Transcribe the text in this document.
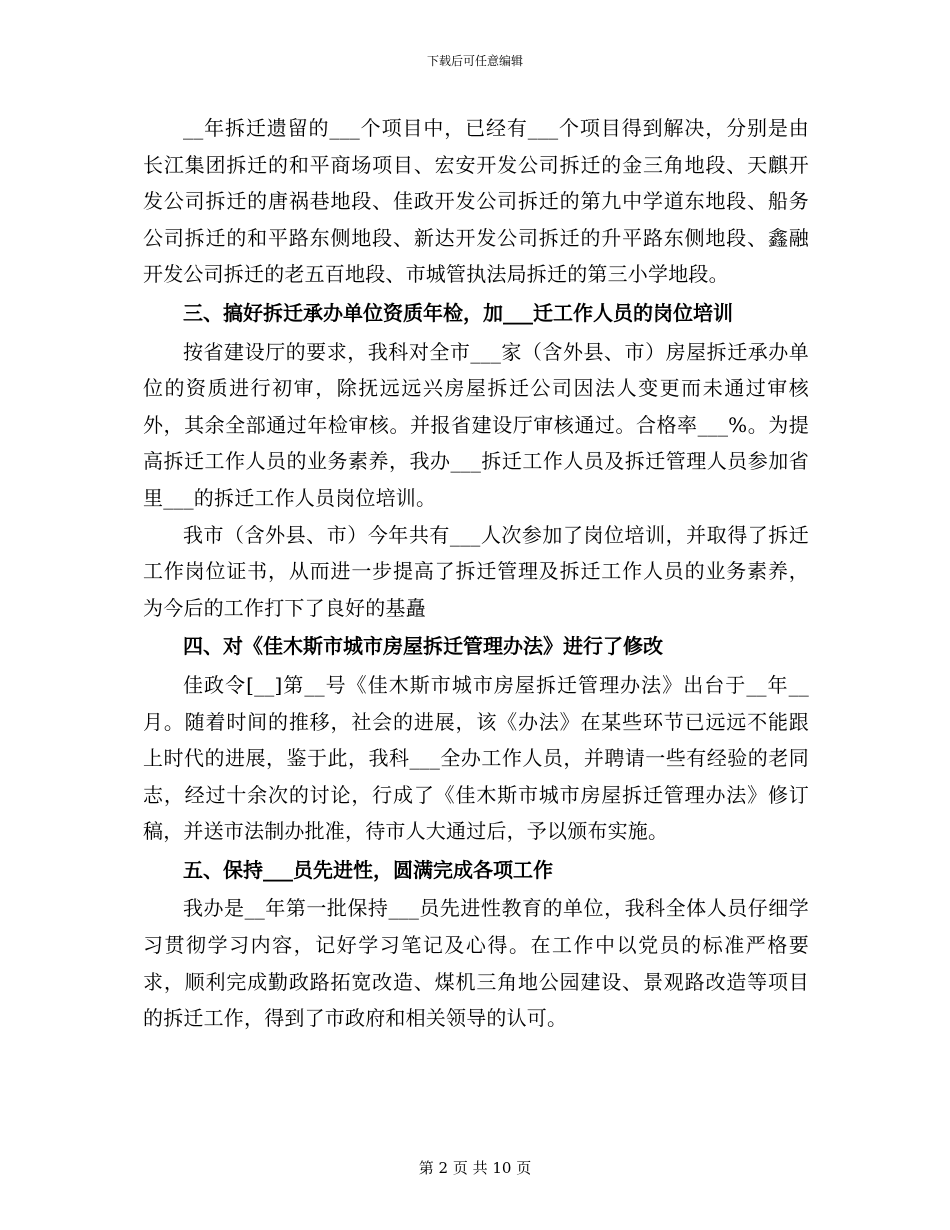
下载后可任意编辑

__年拆迁遗留的___个项目中，已经有___个项目得到解决，分别是由长江集团拆迁的和平商场项目、宏安开发公司拆迁的金三角地段、天麒开发公司拆迁的唐祸巷地段、佳政开发公司拆迁的第九中学道东地段、船务公司拆迁的和平路东侧地段、新达开发公司拆迁的升平路东侧地段、鑫融开发公司拆迁的老五百地段、市城管执法局拆迁的第三小学地段。

三、搞好拆迁承办单位资质年检，加___迁工作人员的岗位培训

按省建设厅的要求，我科对全市___家（含外县、市）房屋拆迁承办单位的资质进行初审，除抚远远兴房屋拆迁公司因法人变更而未通过审核外，其余全部通过年检审核。并报省建设厅审核通过。合格率___%。为提高拆迁工作人员的业务素养，我办___拆迁工作人员及拆迁管理人员参加省里___的拆迁工作人员岗位培训。

我市（含外县、市）今年共有___人次参加了岗位培训，并取得了拆迁工作岗位证书，从而进一步提高了拆迁管理及拆迁工作人员的业务素养，为今后的工作打下了良好的基矗

四、对《佳木斯市城市房屋拆迁管理办法》进行了修改

佳政令[__]第__号《佳木斯市城市房屋拆迁管理办法》出台于__年__月。随着时间的推移，社会的进展，该《办法》在某些环节已远远不能跟上时代的进展，鉴于此，我科___全办工作人员，并聘请一些有经验的老同志，经过十余次的讨论，行成了《佳木斯市城市房屋拆迁管理办法》修订稿，并送市法制办批准，待市人大通过后，予以颁布实施。

五、保持___员先进性，圆满完成各项工作

我办是__年第一批保持___员先进性教育的单位，我科全体人员仔细学习贯彻学习内容，记好学习笔记及心得。在工作中以党员的标准严格要求，顺利完成勤政路拓宽改造、煤机三角地公园建设、景观路改造等项目的拆迁工作，得到了市政府和相关领导的认可。

第 2 页 共 10 页
